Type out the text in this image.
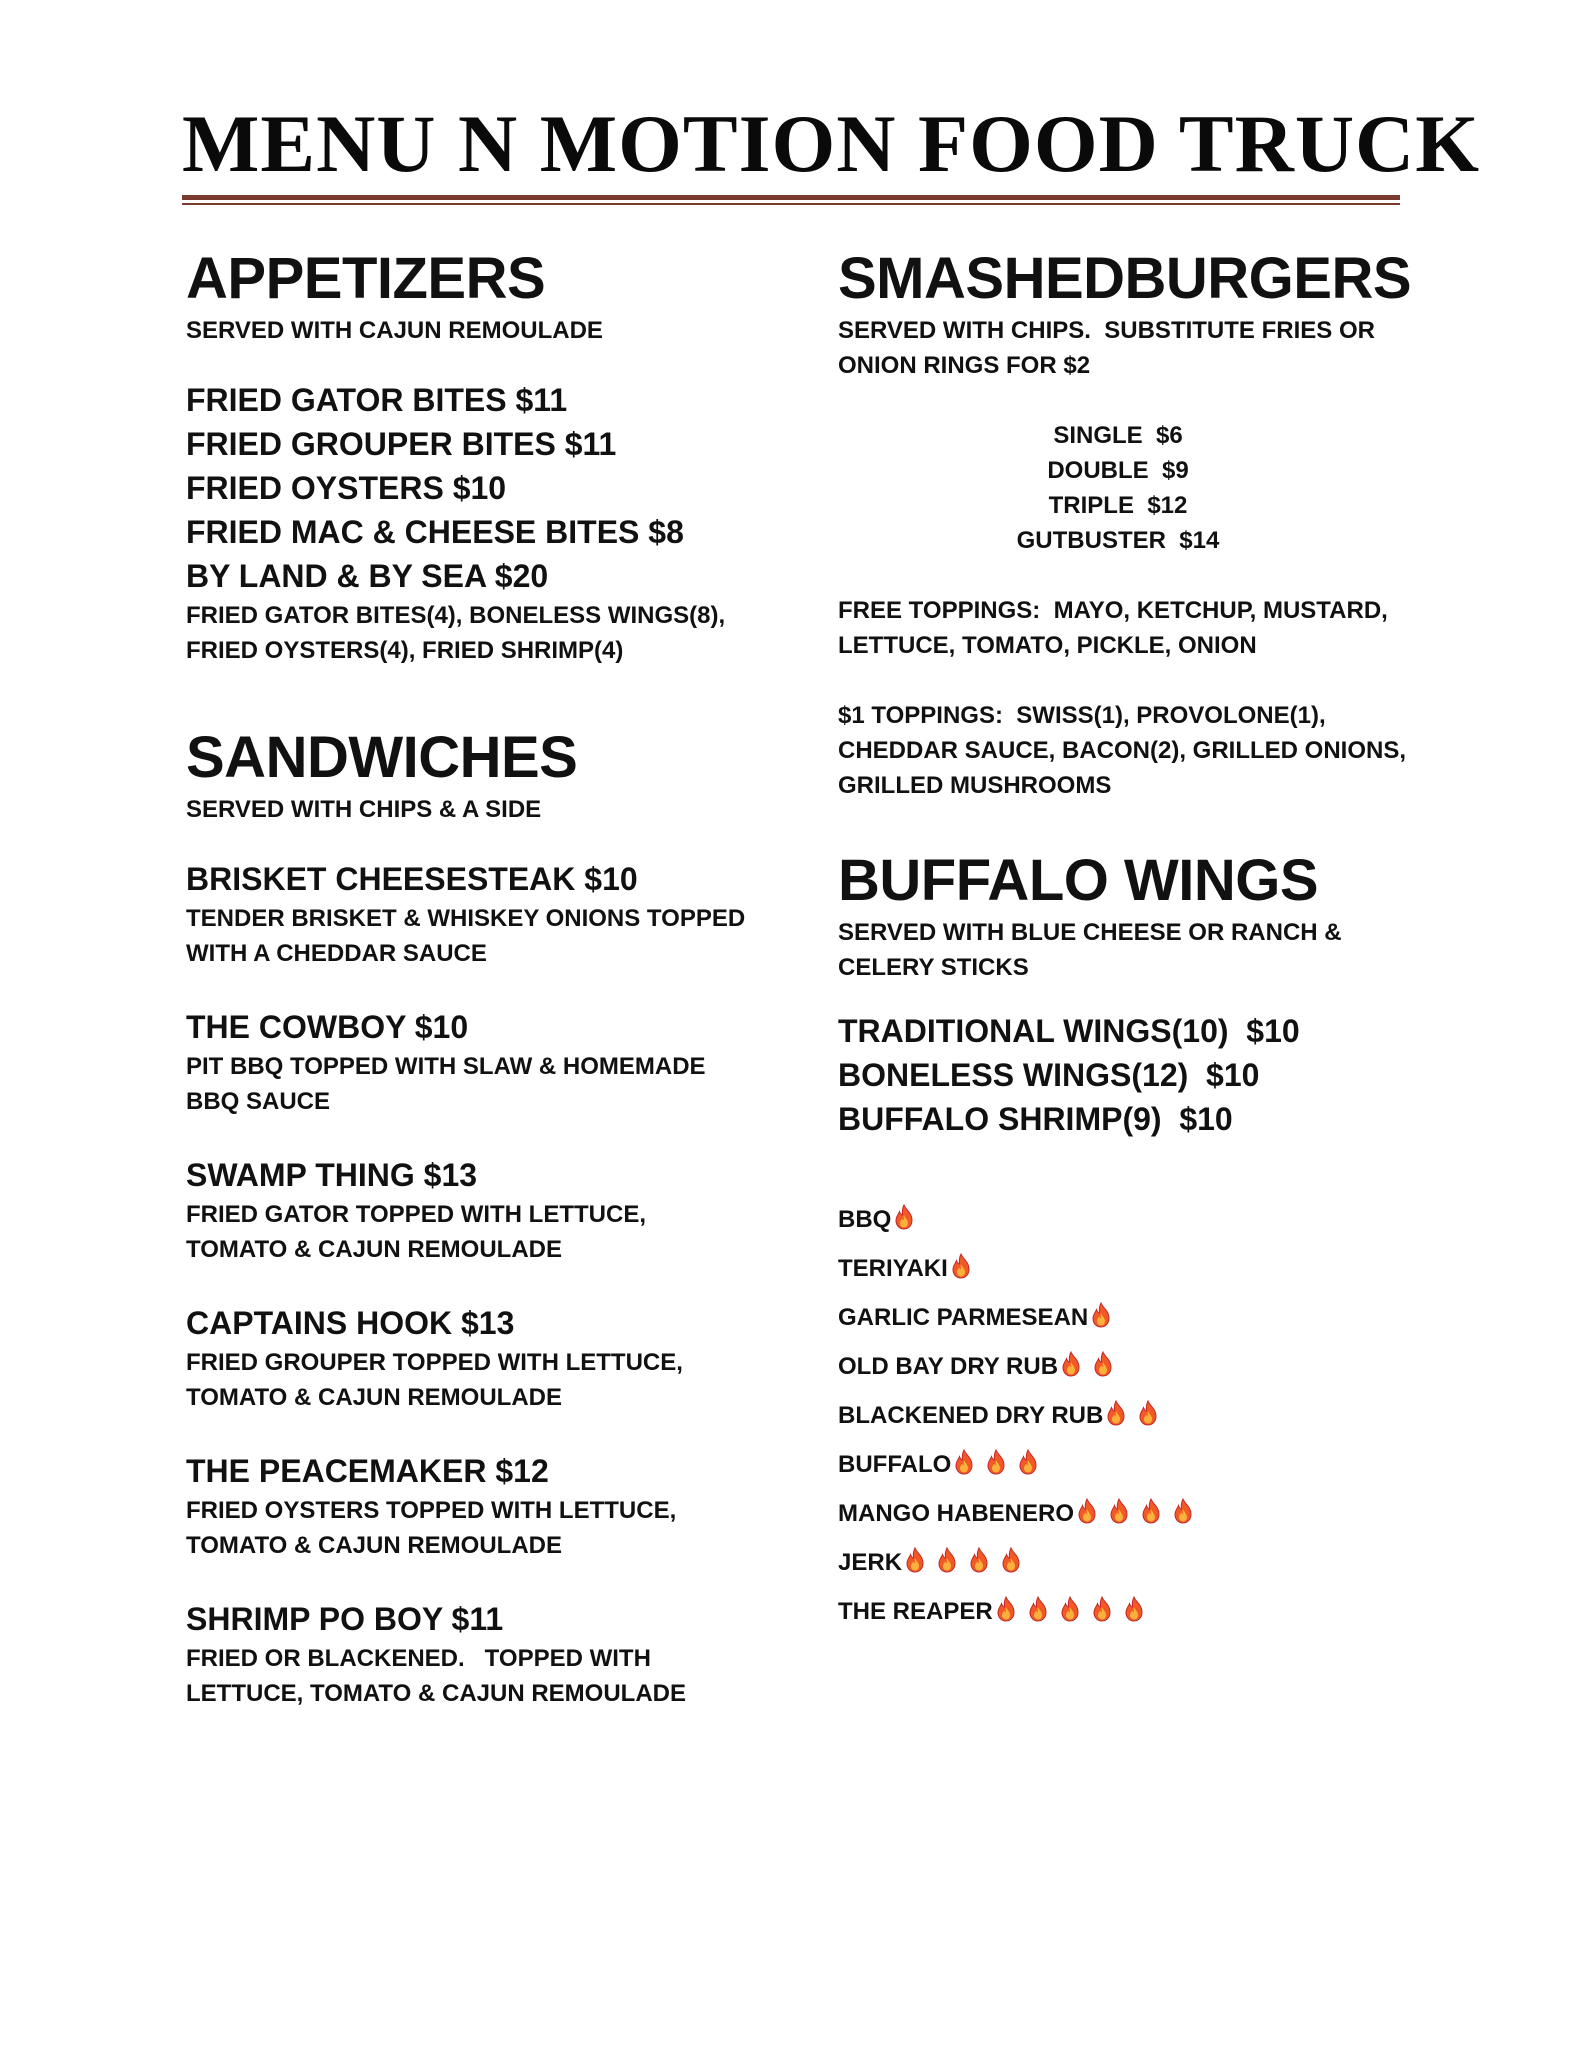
MENU N MOTION FOOD TRUCK
APPETIZERS

SERVED WITH CAJUN REMOULADE

FRIED GATOR BITES $11

FRIED GROUPER BITES $11

FRIED OYSTERS $10

FRIED MAC & CHEESE BITES $8

BY LAND & BY SEA $20

FRIED GATOR BITES(4), BONELESS WINGS(8),

FRIED OYSTERS(4), FRIED SHRIMP(4)

SANDWICHES

SERVED WITH CHIPS & A SIDE

BRISKET CHEESESTEAK $10

TENDER BRISKET & WHISKEY ONIONS TOPPED

WITH A CHEDDAR SAUCE

THE COWBOY $10

PIT BBQ TOPPED WITH SLAW & HOMEMADE

BBQ SAUCE

SWAMP THING $13

FRIED GATOR TOPPED WITH LETTUCE,

TOMATO & CAJUN REMOULADE

CAPTAINS HOOK $13

FRIED GROUPER TOPPED WITH LETTUCE,

TOMATO & CAJUN REMOULADE

THE PEACEMAKER $12

FRIED OYSTERS TOPPED WITH LETTUCE,

TOMATO & CAJUN REMOULADE

SHRIMP PO BOY $11

FRIED OR BLACKENED.   TOPPED WITH

LETTUCE, TOMATO & CAJUN REMOULADE

SMASHEDBURGERS

SERVED WITH CHIPS.  SUBSTITUTE FRIES OR

ONION RINGS FOR $2

SINGLE  $6
DOUBLE  $9
TRIPLE  $12
GUTBUSTER  $14

FREE TOPPINGS:  MAYO, KETCHUP, MUSTARD,

LETTUCE, TOMATO, PICKLE, ONION

$1 TOPPINGS:  SWISS(1), PROVOLONE(1),

CHEDDAR SAUCE, BACON(2), GRILLED ONIONS,

GRILLED MUSHROOMS

BUFFALO WINGS

SERVED WITH BLUE CHEESE OR RANCH &

CELERY STICKS

TRADITIONAL WINGS(10)  $10

BONELESS WINGS(12)  $10

BUFFALO SHRIMP(9)  $10

BBQ
TERIYAKI
GARLIC PARMESEAN
OLD BAY DRY RUB
BLACKENED DRY RUB
BUFFALO
MANGO HABENERO
JERK
THE REAPER
